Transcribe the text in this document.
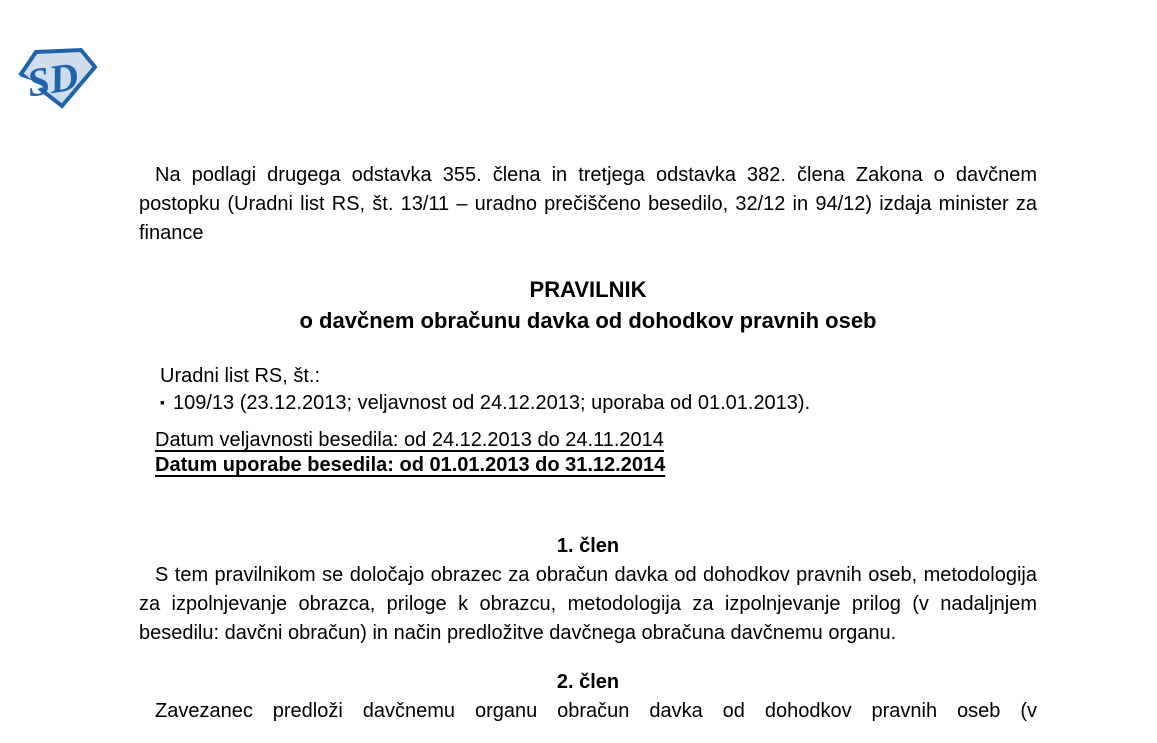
SD

Na podlagi drugega odstavka 355. člena in tretjega odstavka 382. člena Zakona o davčnem postopku (Uradni list RS, št. 13/11 – uradno prečiščeno besedilo, 32/12 in 94/12) izdaja minister za finance

PRAVILNIK
o davčnem obračunu davka od dohodkov pravnih oseb
Uradni list RS, št.:
▪ 109/13 (23.12.2013; veljavnost od 24.12.2013; uporaba od 01.01.2013).
Datum veljavnosti besedila: od 24.12.2013 do 24.11.2014
Datum uporabe besedila: od 01.01.2013 do 31.12.2014
1. člen

S tem pravilnikom se določajo obrazec za obračun davka od dohodkov pravnih oseb, metodologija za izpolnjevanje obrazca, priloge k obrazcu, metodologija za izpolnjevanje prilog (v nadaljnjem besedilu: davčni obračun) in način predložitve davčnega obračuna davčnemu organu.

2. člen

Zavezanec predloži davčnemu organu obračun davka od dohodkov pravnih oseb (v
